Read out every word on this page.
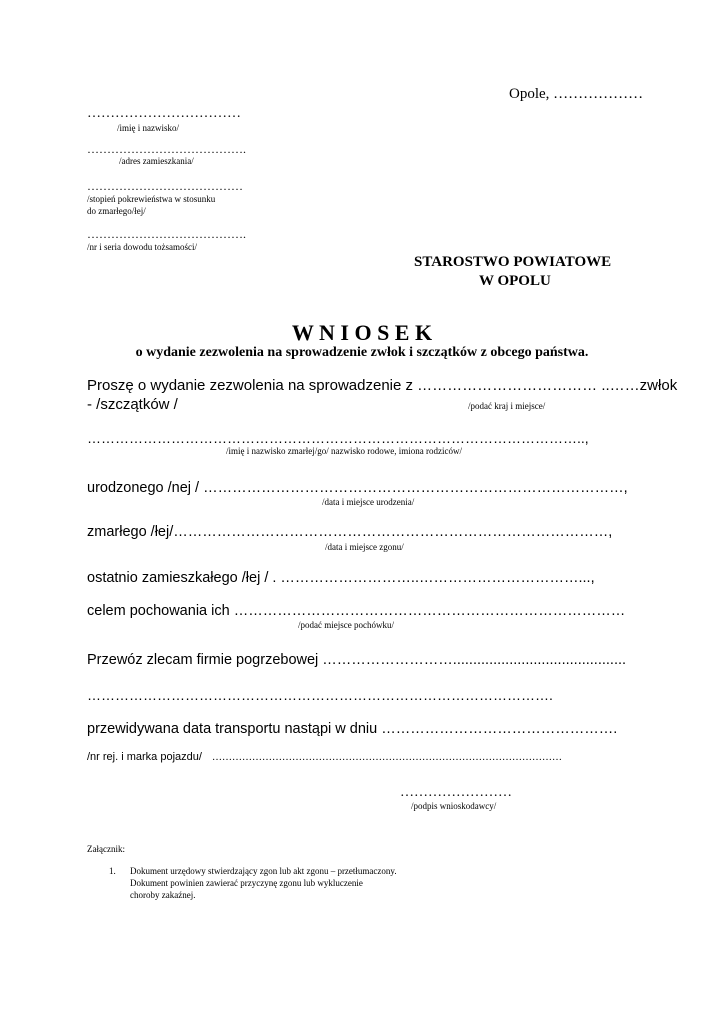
Opole, ………………
……………………………
/imię i nazwisko/
………………………………….
/adres zamieszkania/
…………………………………
/stopień pokrewieństwa w stosunku
do zmarłego/łej/
………………………………….
/nr i seria dowodu tożsamości/
STAROSTWO POWIATOWE
W OPOLU
W N I O S E K
o wydanie zezwolenia na sprowadzenie zwłok i szczątków z obcego państwa.
Proszę o wydanie zezwolenia na sprowadzenie z ……………………………… ..……zwłok
- /szczątków /	/podać kraj i miejsce/
……………………………………………………………………………………………..,
/imię i nazwisko zmarłej/go/ nazwisko rodowe, imiona rodziców/
urodzonego /nej / ……………………………………………………………………………,
/data i miejsce urodzenia/
zmarłego /łej/………………………………………………………………………………,
/data i miejsce zgonu/
ostatnio zamieszkałego /łej / . ………………………..……………………………...,
celem pochowania ich ………………………………………………………………………
/podać miejsce pochówku/
Przewóz zlecam firmie pogrzebowej ………………………...........................................
……………………………………………………………………………………….
przewidywana data transportu nastąpi w dniu ………………………………………….
/nr rej. i marka pojazdu/ ……………………………………………………………………………………………
……………………
/podpis wnioskodawcy/
Załącznik:
1. Dokument urzędowy stwierdzający zgon lub akt zgonu – przetłumaczony.
Dokument powinien zawierać przyczynę zgonu lub wykluczenie
choroby zakaźnej.
